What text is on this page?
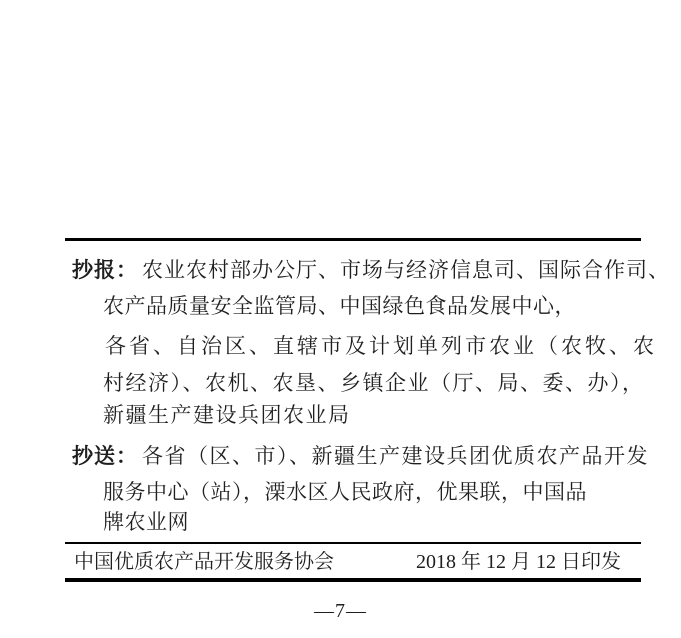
抄报： 农业农村部办公厅、市场与经济信息司、国际合作司、
农产品质量安全监管局、中国绿色食品发展中心，
各省、自治区、直辖市及计划单列市农业（农牧、农
村经济）、农机、农垦、乡镇企业（厅、局、委、办），
新疆生产建设兵团农业局
抄送： 各省（区、市）、新疆生产建设兵团优质农产品开发
服务中心（站），溧水区人民政府，优果联，中国品
牌农业网
中国优质农产品开发服务协会	2018 年 12 月 12 日印发
—7—
